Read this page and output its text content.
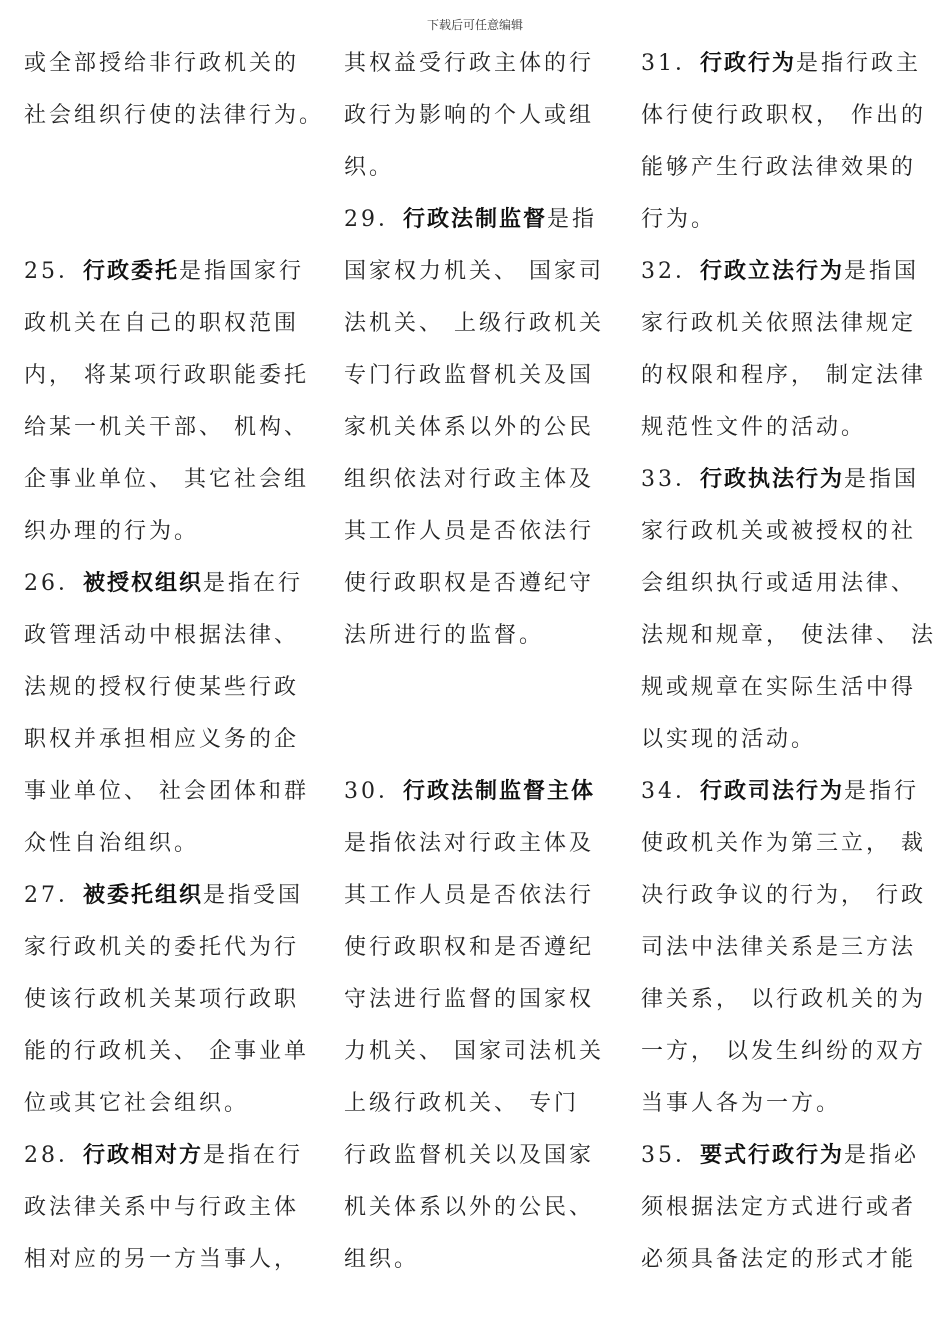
下载后可任意编辑
或全部授给非行政机关的
社会组织行使的法律行为。
25．行政委托是指国家行
政机关在自己的职权范围
内， 将某项行政职能委托
给某一机关干部、 机构、
企事业单位、 其它社会组
织办理的行为。
26．被授权组织是指在行
政管理活动中根据法律、
法规的授权行使某些行政
职权并承担相应义务的企
事业单位、 社会团体和群
众性自治组织。
27．被委托组织是指受国
家行政机关的委托代为行
使该行政机关某项行政职
能的行政机关、 企事业单
位或其它社会组织。
28．行政相对方是指在行
政法律关系中与行政主体
相对应的另一方当事人，
其权益受行政主体的行
政行为影响的个人或组
织。
29．行政法制监督是指
国家权力机关、 国家司
法机关、 上级行政机关
专门行政监督机关及国
家机关体系以外的公民
组织依法对行政主体及
其工作人员是否依法行
使行政职权是否遵纪守
法所进行的监督。
30．行政法制监督主体
是指依法对行政主体及
其工作人员是否依法行
使行政职权和是否遵纪
守法进行监督的国家权
力机关、 国家司法机关
上级行政机关、 专门
行政监督机关以及国家
机关体系以外的公民、
组织。
31．行政行为是指行政主
体行使行政职权， 作出的
能够产生行政法律效果的
行为。
32．行政立法行为是指国
家行政机关依照法律规定
的权限和程序， 制定法律
规范性文件的活动。
33．行政执法行为是指国
家行政机关或被授权的社
会组织执行或适用法律、
法规和规章， 使法律、 法
规或规章在实际生活中得
以实现的活动。
34．行政司法行为是指行
使政机关作为第三立， 裁
决行政争议的行为， 行政
司法中法律关系是三方法
律关系， 以行政机关的为
一方， 以发生纠纷的双方
当事人各为一方。
35．要式行政行为是指必
须根据法定方式进行或者
必须具备法定的形式才能
